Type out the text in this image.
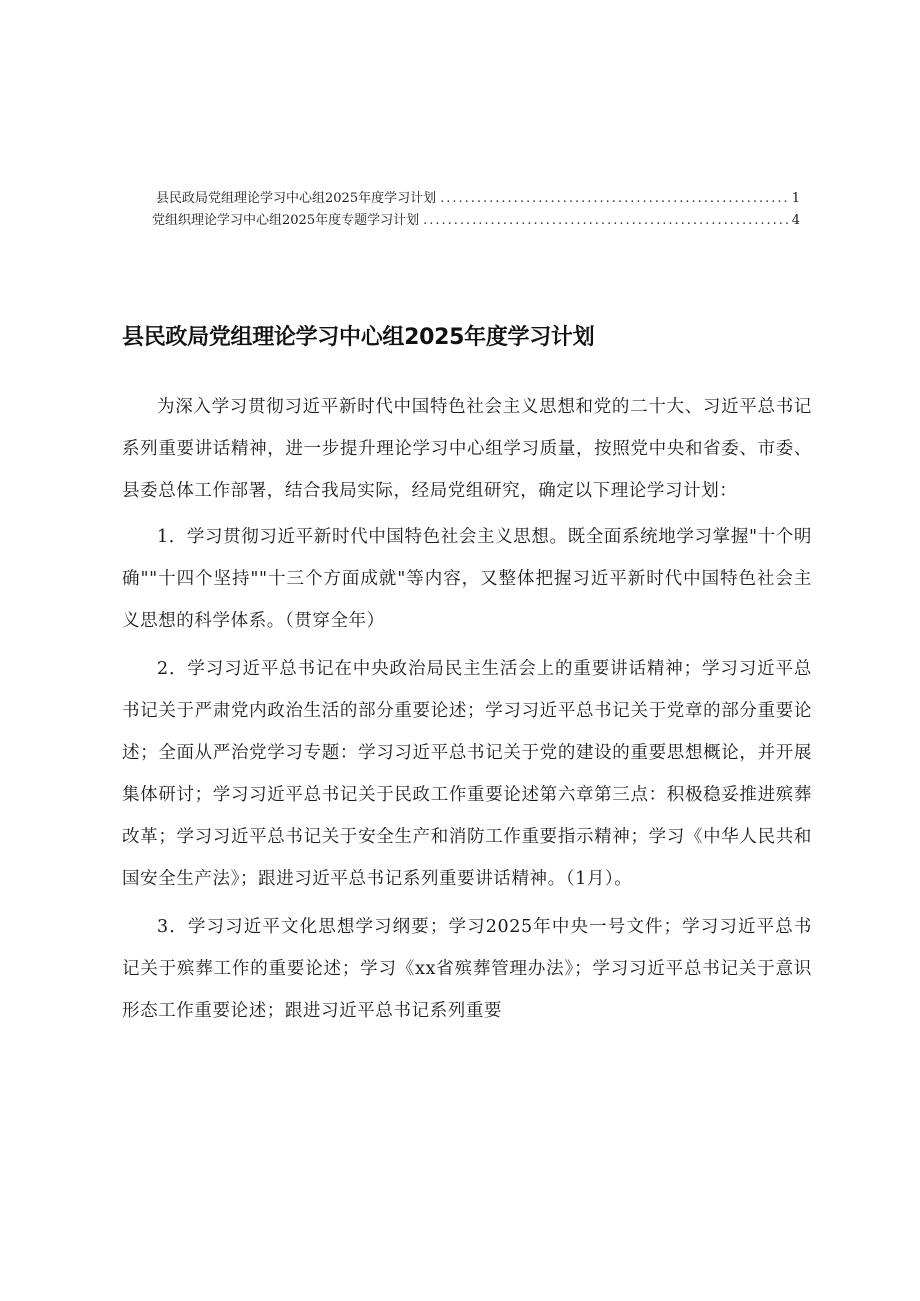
县民政局党组理论学习中心组2025年度学习计划 .....	1
党组织理论学习中心组2025年度专题学习计划 .....	4
县民政局党组理论学习中心组2025年度学习计划

为深入学习贯彻习近平新时代中国特色社会主义思想和党的二十大、习近平总书记系列重要讲话精神，进一步提升理论学习中心组学习质量，按照党中央和省委、市委、县委总体工作部署，结合我局实际，经局党组研究，确定以下理论学习计划：

1．学习贯彻习近平新时代中国特色社会主义思想。既全面系统地学习掌握"十个明确""十四个坚持""十三个方面成就"等内容，又整体把握习近平新时代中国特色社会主义思想的科学体系。（贯穿全年）

2．学习习近平总书记在中央政治局民主生活会上的重要讲话精神；学习习近平总书记关于严肃党内政治生活的部分重要论述；学习习近平总书记关于党章的部分重要论述；全面从严治党学习专题：学习习近平总书记关于党的建设的重要思想概论，并开展集体研讨；学习习近平总书记关于民政工作重要论述第六章第三点：积极稳妥推进殡葬改革；学习习近平总书记关于安全生产和消防工作重要指示精神；学习《中华人民共和国安全生产法》；跟进习近平总书记系列重要讲话精神。（1月）。

3．学习习近平文化思想学习纲要；学习2025年中央一号文件；学习习近平总书记关于殡葬工作的重要论述；学习《xx省殡葬管理办法》；学习习近平总书记关于意识形态工作重要论述；跟进习近平总书记系列重要
